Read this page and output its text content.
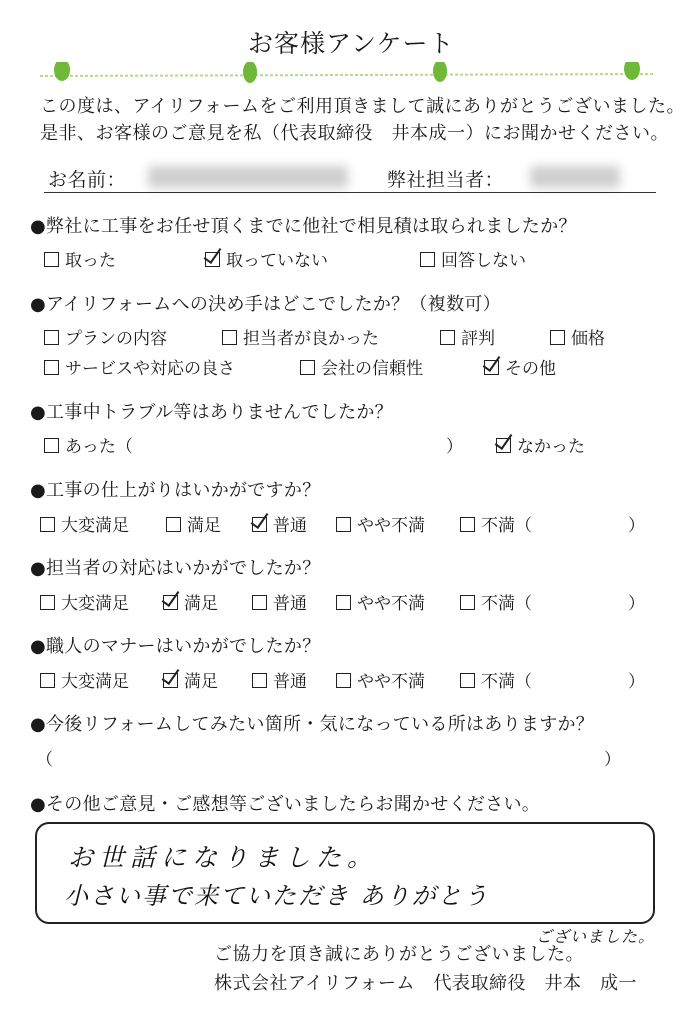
お客様アンケート
この度は、アイリフォームをご利用頂きまして誠にありがとうございました。
是非、お客様のご意見を私（代表取締役　井本成一）にお聞かせください。
お名前：	弊社担当者：
●弊社に工事をお任せ頂くまでに他社で相見積は取られましたか？
取った	取っていない	回答しない
●アイリフォームへの決め手はどこでしたか？（複数可）
プランの内容	担当者が良かった	評判	価格
サービスや対応の良さ	会社の信頼性	その他
●工事中トラブル等はありませんでしたか？
あった（	）	なかった
●工事の仕上がりはいかがですか？
大変満足	満足	普通	やや不満	不満（	）
●担当者の対応はいかがでしたか？
大変満足	満足	普通	やや不満	不満（	）
●職人のマナーはいかがでしたか？
大変満足	満足	普通	やや不満	不満（	）
●今後リフォームしてみたい箇所・気になっている所はありますか？
（	）
●その他ご意見・ご感想等ございましたらお聞かせください。
お世話になりました。
小さい事で来ていただき ありがとう
ございました。
ご協力を頂き誠にありがとうございました。
株式会社アイリフォーム　代表取締役　井本　成一
